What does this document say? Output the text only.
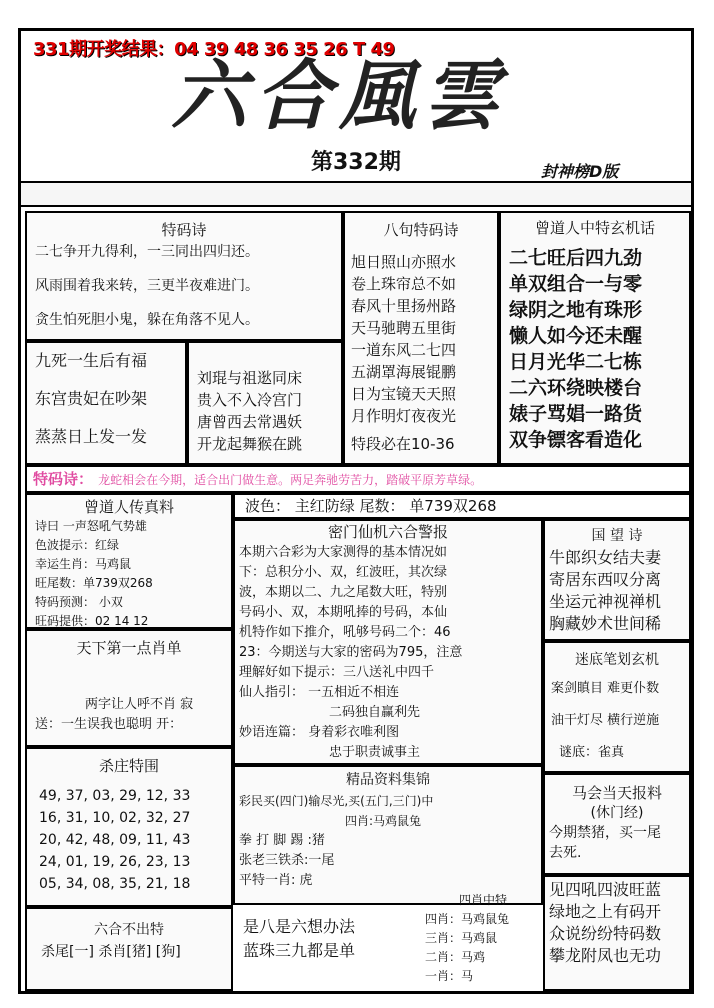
331期开奖结果：04 39 48 36 35 26 T 49
六合風雲
第332期	封神榜D版
特码诗
二七争开九得利，一三同出四归还。
风雨围着我来转，三更半夜难进门。
贪生怕死胆小鬼，躲在角落不见人。
九死一生后有福
东宫贵妃在吵架
蒸蒸日上发一发
刘琨与祖逖同床
贵入不入冷宫门
唐曾西去常遇妖
开龙起舞猴在跳
八句特码诗
旭日照山亦照水
卷上珠帘总不如
春风十里扬州路
天马驰聘五里街
一道东风二七四
五湖罩海展锟鹏
日为宝镜天天照
月作明灯夜夜光
特段必在10-36
曾道人中特玄机话
二七旺后四九劲
单双组合一与零
绿阴之地有珠形
懒人如今还未醒
日月光华二七栋
二六环绕映楼台
婊子骂娼一路货
双争镖客看造化
特码诗： 龙蛇相会在今期，适合出门做生意。两足奔驰劳苦力，踏破平原芳草绿。
曾道人传真料
诗曰 一声怒吼气势雄
色波提示：红绿
幸运生肖：马鸡鼠
旺尾数：单739双268
特码预测： 小双
旺码提供：02 14 12
波色： 主红防绿 尾数： 单739双268
密门仙机六合警报
本期六合彩为大家测得的基本情况如
下：总积分小、双，红波旺，其次绿
波，本期以二、九之尾数大旺，特别
号码小、双，本期吼捧的号码，本仙
机特作如下推介，吼够号码二个：46
23：今期送与大家的密码为795，注意
理解好如下提示：三八送礼中四千
仙人指引： 一五相近不相连
二码独自赢利先
妙语连篇： 身着彩衣唯利图
忠于职责诚事主
国 望 诗
牛郎织女结夫妻
寄居东西叹分离
坐运元神视禅机
胸藏妙术世间稀
天下第一点肖单
两字让人呼不肖 寂
送：一生误我也聪明 开：
迷底笔划玄机
案剑瞋目 难更仆数
油干灯尽 横行逆施
谜底：雀真
杀庄特围
49, 37, 03, 29, 12, 33
16, 31, 10, 02, 32, 27
20, 42, 48, 09, 11, 43
24, 01, 19, 26, 23, 13
05, 34, 08, 35, 21, 18
精品资料集锦
彩民买(四门)输尽光,买(五门,三门)中
四肖:马鸡鼠兔
拳 打 脚 踢 :猪
张老三铁杀:一尾
平特一肖: 虎
马会当天报料
(休门经)
今期禁猪，买一尾
去死.
六合不出特
杀尾[一] 杀肖[猪] [狗]
是八是六想办法
蓝珠三九都是单
四肖中特
四肖：马鸡鼠兔
三肖：马鸡鼠
二肖：马鸡
一肖：马
见四吼四波旺蓝
绿地之上有码开
众说纷纷特码数
攀龙附凤也无功
